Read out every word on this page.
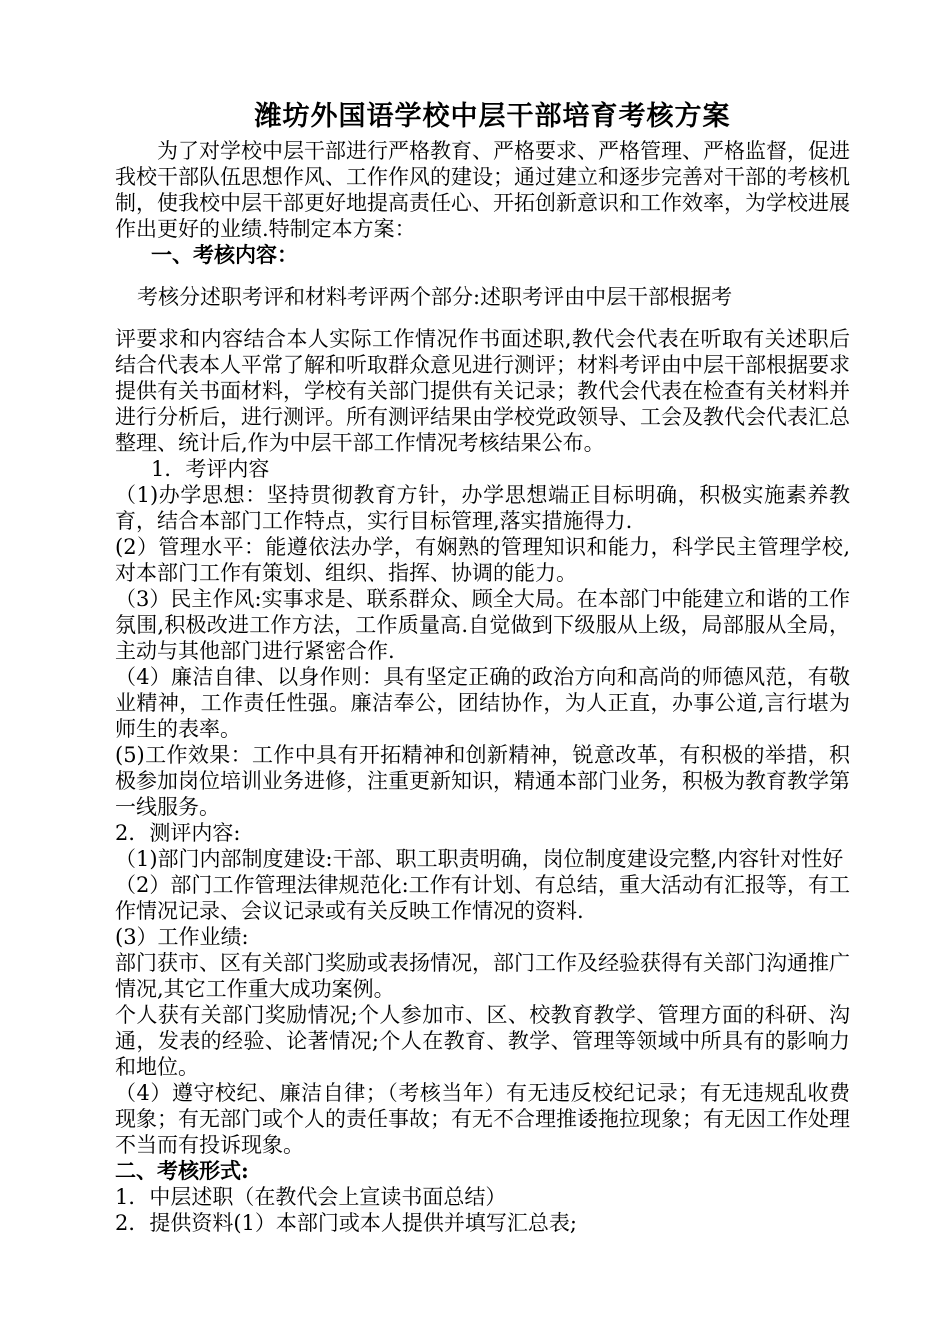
潍坊外国语学校中层干部培育考核方案

为了对学校中层干部进行严格教育、严格要求、严格管理、严格监督，促进我校干部队伍思想作风、工作作风的建设；通过建立和逐步完善对干部的考核机制，使我校中层干部更好地提高责任心、开拓创新意识和工作效率，为学校进展作出更好的业绩.特制定本方案：

一、考核内容：

考核分述职考评和材料考评两个部分:述职考评由中层干部根据考

评要求和内容结合本人实际工作情况作书面述职,教代会代表在听取有关述职后结合代表本人平常了解和听取群众意见进行测评；材料考评由中层干部根据要求提供有关书面材料，学校有关部门提供有关记录；教代会代表在检查有关材料并进行分析后，进行测评。所有测评结果由学校党政领导、工会及教代会代表汇总整理、统计后,作为中层干部工作情况考核结果公布。

1．考评内容

（1)办学思想：坚持贯彻教育方针，办学思想端正目标明确，积极实施素养教育，结合本部门工作特点，实行目标管理,落实措施得力.

(2）管理水平：能遵依法办学，有娴熟的管理知识和能力，科学民主管理学校,对本部门工作有策划、组织、指挥、协调的能力。

（3）民主作风:实事求是、联系群众、顾全大局。在本部门中能建立和谐的工作氛围,积极改进工作方法，工作质量高.自觉做到下级服从上级，局部服从全局，主动与其他部门进行紧密合作.

（4）廉洁自律、以身作则：具有坚定正确的政治方向和高尚的师德风范，有敬业精神，工作责任性强。廉洁奉公，团结协作，为人正直，办事公道,言行堪为师生的表率。

(5)工作效果：工作中具有开拓精神和创新精神，锐意改革，有积极的举措，积极参加岗位培训业务进修，注重更新知识，精通本部门业务，积极为教育教学第一线服务。

2．测评内容:

（1)部门内部制度建设:干部、职工职责明确，岗位制度建设完整,内容针对性好

（2）部门工作管理法律规范化:工作有计划、有总结，重大活动有汇报等，有工作情况记录、会议记录或有关反映工作情况的资料.

(3）工作业绩:

部门获市、区有关部门奖励或表扬情况，部门工作及经验获得有关部门沟通推广情况,其它工作重大成功案例。

个人获有关部门奖励情况;个人参加市、区、校教育教学、管理方面的科研、沟通，发表的经验、论著情况;个人在教育、教学、管理等领域中所具有的影响力和地位。

（4）遵守校纪、廉洁自律；（考核当年）有无违反校纪记录；有无违规乱收费现象；有无部门或个人的责任事故；有无不合理推诿拖拉现象；有无因工作处理不当而有投诉现象。

二、考核形式:

1．中层述职（在教代会上宣读书面总结）

2．提供资料(1）本部门或本人提供并填写汇总表;
